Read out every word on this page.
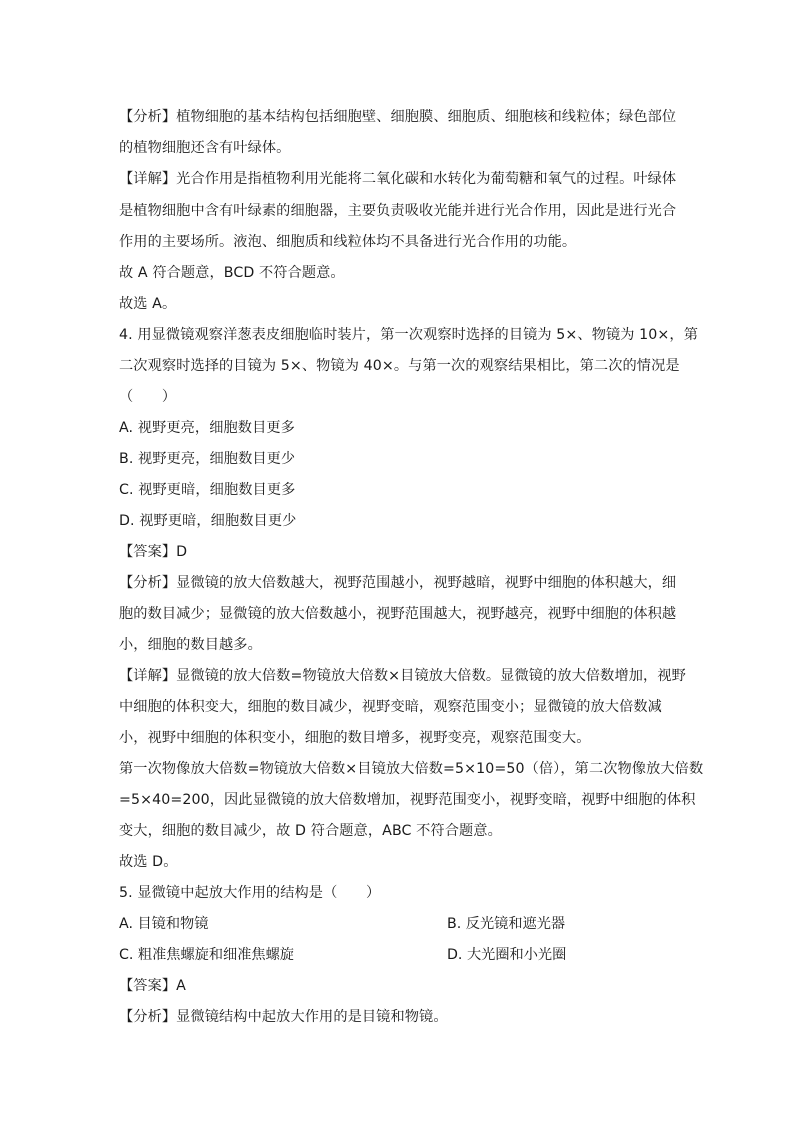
【分析】植物细胞的基本结构包括细胞壁、细胞膜、细胞质、细胞核和线粒体；绿色部位
的植物细胞还含有叶绿体。
【详解】光合作用是指植物利用光能将二氧化碳和水转化为葡萄糖和氧气的过程。叶绿体
是植物细胞中含有叶绿素的细胞器，主要负责吸收光能并进行光合作用，因此是进行光合
作用的主要场所。液泡、细胞质和线粒体均不具备进行光合作用的功能。
故 A 符合题意，BCD 不符合题意。
故选 A。
4. 用显微镜观察洋葱表皮细胞临时装片，第一次观察时选择的目镜为 5×、物镜为 10×，第
二次观察时选择的目镜为 5×、物镜为 40×。与第一次的观察结果相比，第二次的情况是
（　　）
A. 视野更亮，细胞数目更多
B. 视野更亮，细胞数目更少
C. 视野更暗，细胞数目更多
D. 视野更暗，细胞数目更少
【答案】D
【分析】显微镜的放大倍数越大，视野范围越小，视野越暗，视野中细胞的体积越大，细
胞的数目减少；显微镜的放大倍数越小，视野范围越大，视野越亮，视野中细胞的体积越
小，细胞的数目越多。
【详解】显微镜的放大倍数=物镜放大倍数×目镜放大倍数。显微镜的放大倍数增加，视野
中细胞的体积变大，细胞的数目减少，视野变暗，观察范围变小；显微镜的放大倍数减
小，视野中细胞的体积变小，细胞的数目增多，视野变亮，观察范围变大。
第一次物像放大倍数=物镜放大倍数×目镜放大倍数=5×10=50（倍），第二次物像放大倍数
=5×40=200，因此显微镜的放大倍数增加，视野范围变小，视野变暗，视野中细胞的体积
变大，细胞的数目减少，故 D 符合题意，ABC 不符合题意。
故选 D。
5. 显微镜中起放大作用的结构是（　　）
A. 目镜和物镜	B. 反光镜和遮光器
C. 粗准焦螺旋和细准焦螺旋	D. 大光圈和小光圈
【答案】A
【分析】显微镜结构中起放大作用的是目镜和物镜。
